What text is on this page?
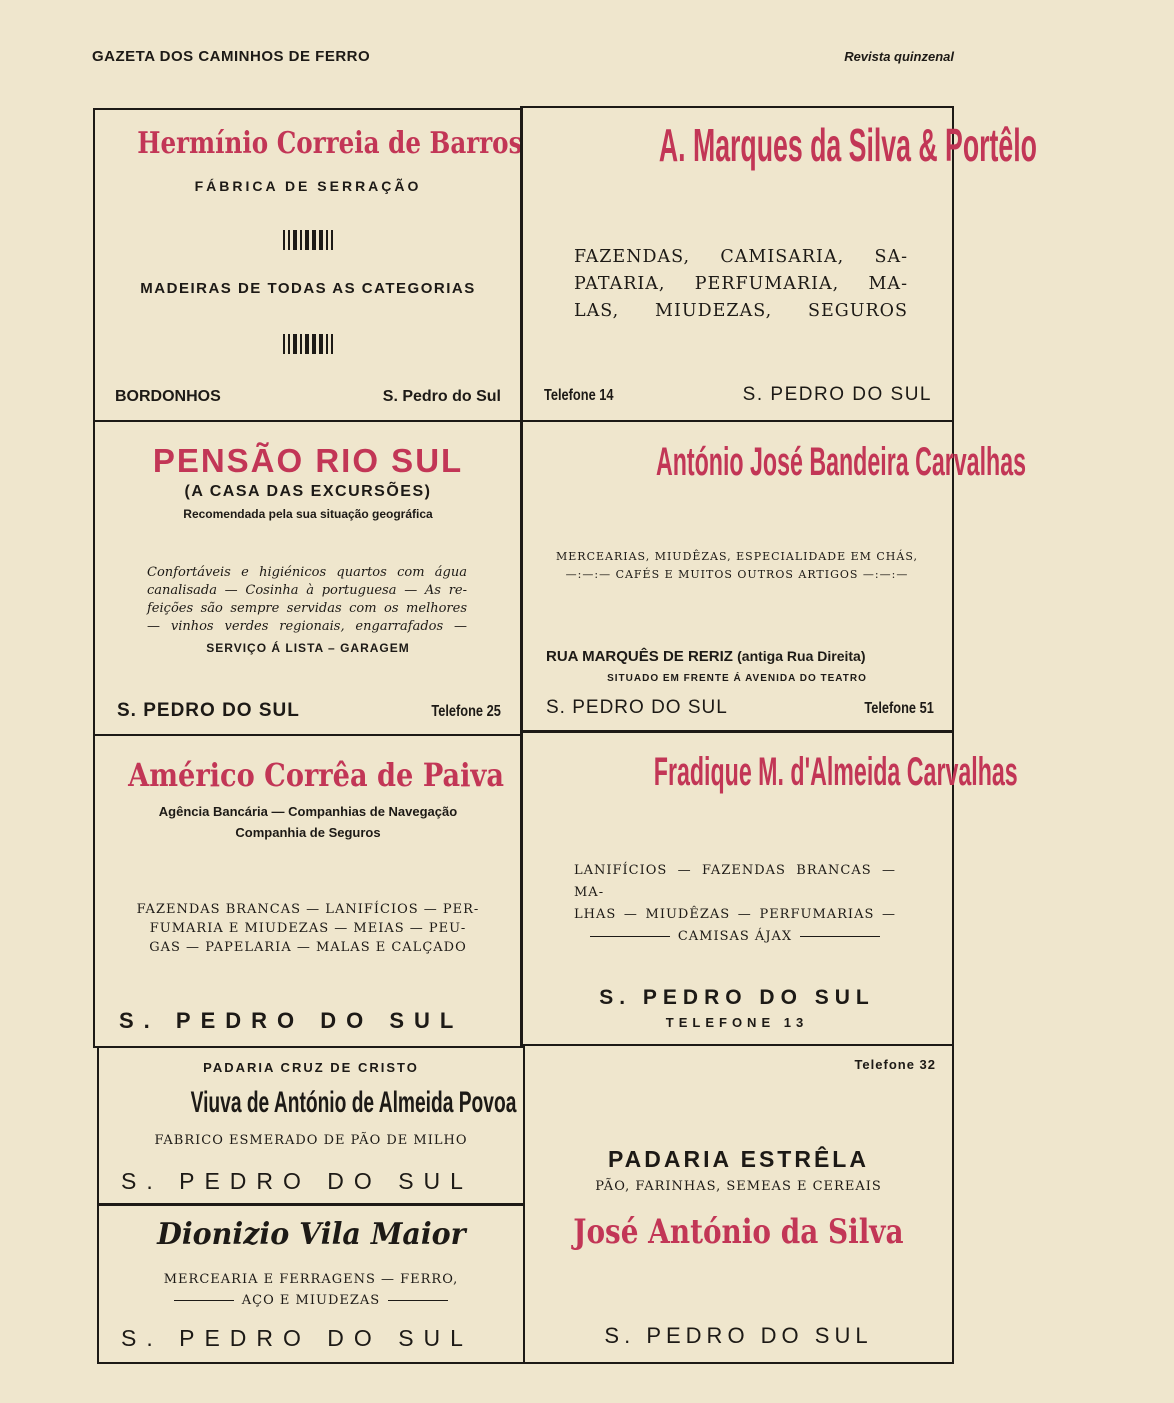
GAZETA DOS CAMINHOS DE FERRO	Revista quinzenal
Hermínio Correia de Barros
FÁBRICA DE SERRAÇÃO
MADEIRAS DE TODAS AS CATEGORIAS
BORDONHOS	S. Pedro do Sul
A. Marques da Silva & Portêlo
FAZENDAS, CAMISARIA, SA-
PATARIA, PERFUMARIA, MA-
LAS, MIUDEZAS, SEGUROS
Telefone 14	S. PEDRO DO SUL
PENSÃO RIO SUL
(A CASA DAS EXCURSÕES)
Recomendada pela sua situação geográfica
Confortáveis e higiénicos quartos com água
canalisada — Cosinha à portuguesa — As re-
feições são sempre servidas com os melhores
— vinhos verdes regionais, engarrafados —
SERVIÇO Á LISTA – GARAGEM
S. PEDRO DO SUL	Telefone 25
António José Bandeira Carvalhas
MERCEARIAS, MIUDÊZAS, ESPECIALIDADE EM CHÁS,
—:—:— CAFÉS E MUITOS OUTROS ARTIGOS —:—:—
RUA MARQUÊS DE RERIZ (antiga Rua Direita)
SITUADO EM FRENTE Á AVENIDA DO TEATRO
S. PEDRO DO SUL	Telefone 51
Américo Corrêa de Paiva
Agência Bancária — Companhias de Navegação
Companhia de Seguros
FAZENDAS BRANCAS — LANIFÍCIOS — PER-
FUMARIA E MIUDEZAS — MEIAS — PEU-
GAS — PAPELARIA — MALAS E CALÇADO
S. PEDRO DO SUL
Fradique M. d'Almeida Carvalhas
LANIFÍCIOS — FAZENDAS BRANCAS — MA-
LHAS — MIUDÊZAS — PERFUMARIAS —
CAMISAS ÁJAX
S. PEDRO DO SUL
TELEFONE 13
PADARIA CRUZ DE CRISTO
Viuva de António de Almeida Povoa
FABRICO ESMERADO DE PÃO DE MILHO
S. PEDRO DO SUL
Telefone 32
PADARIA ESTRÊLA
PÃO, FARINHAS, SEMEAS E CEREAIS
José António da Silva
S. PEDRO DO SUL
Dionizio Vila Maior
MERCEARIA E FERRAGENS — FERRO,
AÇO E MIUDEZAS
S. PEDRO DO SUL
